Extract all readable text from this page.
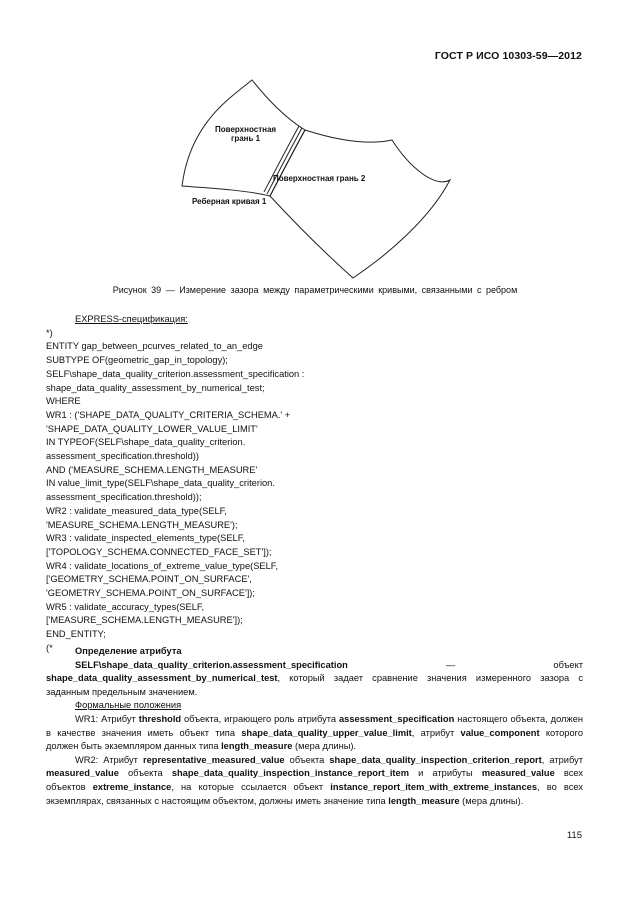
ГОСТ Р ИСО 10303-59—2012
Поверхностная
грань 1
Поверхностная грань 2
Реберная кривая 1
Рисунок 39 — Измерение зазора между параметрическими кривыми, связанными с ребром
EXPRESS-спецификация:
*)
ENTITY gap_between_pcurves_related_to_an_edge
SUBTYPE OF(geometric_gap_in_topology);
SELF\shape_data_quality_criterion.assessment_specification :
shape_data_quality_assessment_by_numerical_test;
WHERE
WR1 : ('SHAPE_DATA_QUALITY_CRITERIA_SCHEMA.' +
'SHAPE_DATA_QUALITY_LOWER_VALUE_LIMIT'
IN TYPEOF(SELF\shape_data_quality_criterion.
assessment_specification.threshold))
AND ('MEASURE_SCHEMA.LENGTH_MEASURE'
IN value_limit_type(SELF\shape_data_quality_criterion.
assessment_specification.threshold));
WR2 : validate_measured_data_type(SELF,
'MEASURE_SCHEMA.LENGTH_MEASURE');
WR3 : validate_inspected_elements_type(SELF,
['TOPOLOGY_SCHEMA.CONNECTED_FACE_SET']);
WR4 : validate_locations_of_extreme_value_type(SELF,
['GEOMETRY_SCHEMA.POINT_ON_SURFACE',
'GEOMETRY_SCHEMA.POINT_ON_SURFACE']);
WR5 : validate_accuracy_types(SELF,
['MEASURE_SCHEMA.LENGTH_MEASURE']);
END_ENTITY;
(*	Определение атрибута

SELF\shape_data_quality_criterion.assessment_specification — объект shape_data_quality_assessment_by_numerical_test, который задает сравнение значения измеренного зазора с заданным предельным значением.

Формальные положения

WR1: Атрибут threshold объекта, играющего роль атрибута assessment_specification настоящего объекта, должен в качестве значения иметь объект типа shape_data_quality_upper_value_limit, атрибут value_component которого должен быть экземпляром данных типа length_measure (мера длины).

WR2: Атрибут representative_measured_value объекта shape_data_quality_inspection_criterion_report, атрибут measured_value объекта shape_data_quality_inspection_instance_report_item и атрибуты measured_value всех объектов extreme_instance, на которые ссылается объект instance_report_item_with_extreme_instances, во всех экземплярах, связанных с настоящим объектом, должны иметь значение типа length_measure (мера длины).

115
